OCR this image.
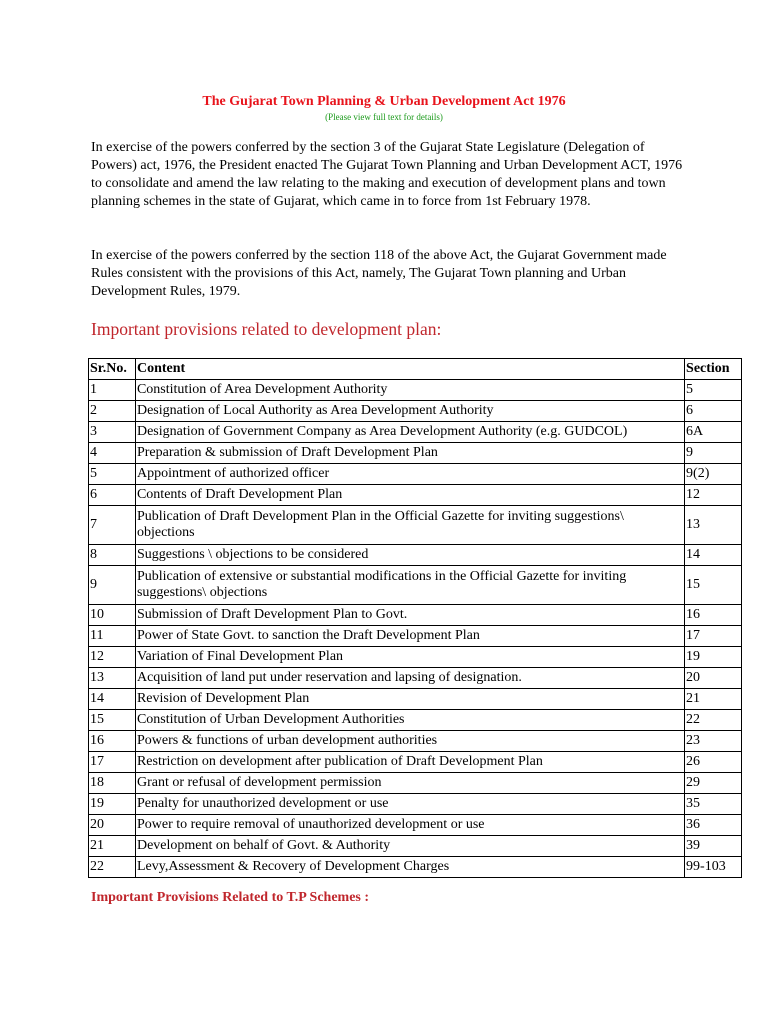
The Gujarat Town Planning & Urban Development Act 1976
(Please view full text for details)

In exercise of the powers conferred by the section 3 of the Gujarat State Legislature (Delegation of Powers) act, 1976, the President enacted The Gujarat Town Planning and Urban Development ACT, 1976 to consolidate and amend the law relating to the making and execution of development plans and town planning schemes in the state of Gujarat, which came in to force from 1st February 1978.

In exercise of the powers conferred by the section 118 of the above Act, the Gujarat Government made Rules consistent with the provisions of this Act, namely, The Gujarat Town planning and Urban Development Rules, 1979.

Important provisions related to development plan:
Sr.No.	Content	Section
1	Constitution of Area Development Authority	5
2	Designation of Local Authority as Area Development Authority	6
3	Designation of Government Company as Area Development Authority (e.g. GUDCOL)	6A
4	Preparation & submission of Draft Development Plan	9
5	Appointment of authorized officer	9(2)
6	Contents of Draft Development Plan	12
7	Publication of Draft Development Plan in the Official Gazette for inviting suggestions\ objections	13
8	Suggestions \ objections to be considered	14
9	Publication of extensive or substantial modifications in the Official Gazette for inviting suggestions\ objections	15
10	Submission of Draft Development Plan to Govt.	16
11	Power of State Govt. to sanction the Draft Development Plan	17
12	Variation of Final Development Plan	19
13	Acquisition of land put under reservation and lapsing of designation.	20
14	Revision of Development Plan	21
15	Constitution of Urban Development Authorities	22
16	Powers & functions of urban development authorities	23
17	Restriction on development after publication of Draft Development Plan	26
18	Grant or refusal of development permission	29
19	Penalty for unauthorized development or use	35
20	Power to require removal of unauthorized development or use	36
21	Development on behalf of Govt. & Authority	39
22	Levy,Assessment & Recovery of Development Charges	99-103
Important Provisions Related to T.P Schemes :
